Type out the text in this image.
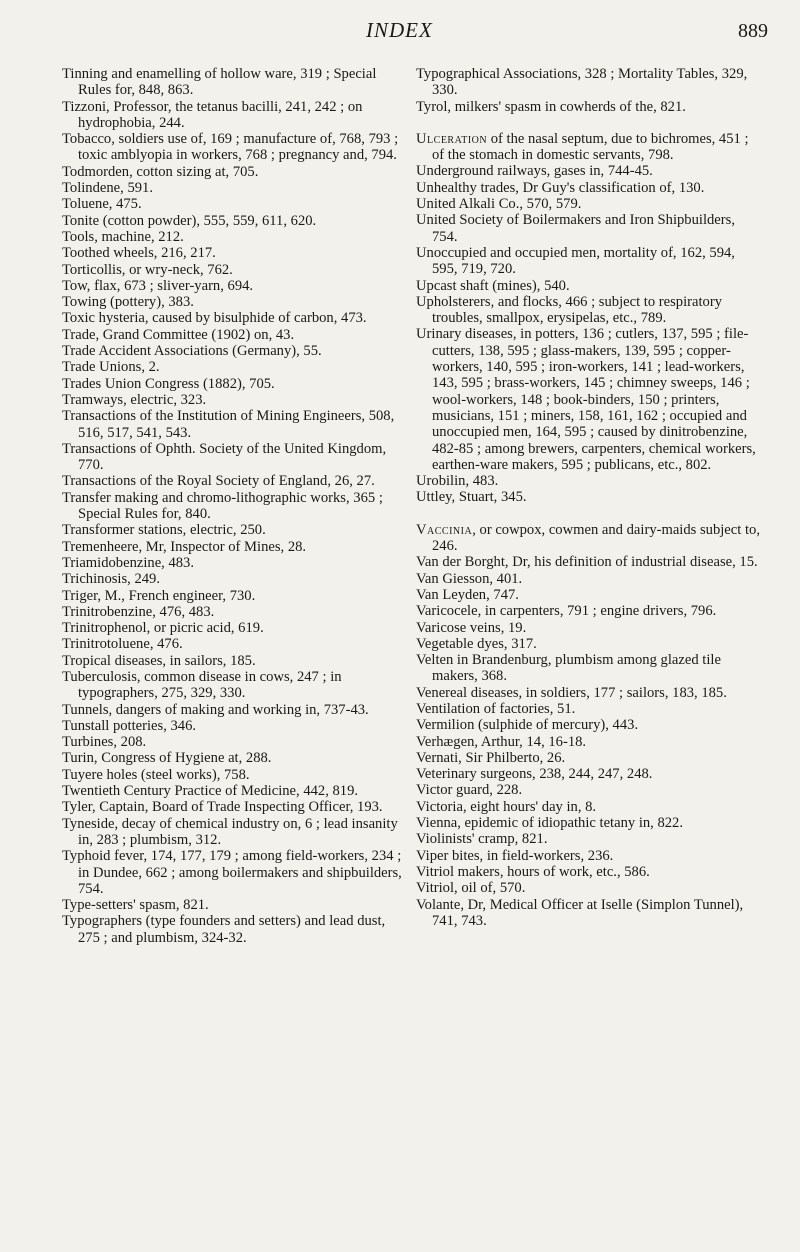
INDEX	889

Tinning and enamelling of hollow ware, 319 ; Special Rules for, 848, 863.

Tizzoni, Professor, the tetanus bacilli, 241, 242 ; on hydrophobia, 244.

Tobacco, soldiers use of, 169 ; manufacture of, 768, 793 ; toxic amblyopia in workers, 768 ; pregnancy and, 794.

Todmorden, cotton sizing at, 705.

Tolindene, 591.

Toluene, 475.

Tonite (cotton powder), 555, 559, 611, 620.

Tools, machine, 212.

Toothed wheels, 216, 217.

Torticollis, or wry-neck, 762.

Tow, flax, 673 ; sliver-yarn, 694.

Towing (pottery), 383.

Toxic hysteria, caused by bisulphide of carbon, 473.

Trade, Grand Committee (1902) on, 43.

Trade Accident Associations (Germany), 55.

Trade Unions, 2.

Trades Union Congress (1882), 705.

Tramways, electric, 323.

Transactions of the Institution of Mining Engineers, 508, 516, 517, 541, 543.

Transactions of Ophth. Society of the United Kingdom, 770.

Transactions of the Royal Society of England, 26, 27.

Transfer making and chromo-lithographic works, 365 ; Special Rules for, 840.

Transformer stations, electric, 250.

Tremenheere, Mr, Inspector of Mines, 28.

Triamidobenzine, 483.

Trichinosis, 249.

Triger, M., French engineer, 730.

Trinitrobenzine, 476, 483.

Trinitrophenol, or picric acid, 619.

Trinitrotoluene, 476.

Tropical diseases, in sailors, 185.

Tuberculosis, common disease in cows, 247 ; in typographers, 275, 329, 330.

Tunnels, dangers of making and working in, 737-43.

Tunstall potteries, 346.

Turbines, 208.

Turin, Congress of Hygiene at, 288.

Tuyere holes (steel works), 758.

Twentieth Century Practice of Medicine, 442, 819.

Tyler, Captain, Board of Trade Inspecting Officer, 193.

Tyneside, decay of chemical industry on, 6 ; lead insanity in, 283 ; plumbism, 312.

Typhoid fever, 174, 177, 179 ; among field-workers, 234 ; in Dundee, 662 ; among boilermakers and shipbuilders, 754.

Type-setters' spasm, 821.

Typographers (type founders and setters) and lead dust, 275 ; and plumbism, 324-32.

Typographical Associations, 328 ; Mortality Tables, 329, 330.

Tyrol, milkers' spasm in cowherds of the, 821.

Ulceration of the nasal septum, due to bichromes, 451 ; of the stomach in domestic servants, 798.

Underground railways, gases in, 744-45.

Unhealthy trades, Dr Guy's classification of, 130.

United Alkali Co., 570, 579.

United Society of Boilermakers and Iron Shipbuilders, 754.

Unoccupied and occupied men, mortality of, 162, 594, 595, 719, 720.

Upcast shaft (mines), 540.

Upholsterers, and flocks, 466 ; subject to respiratory troubles, smallpox, erysipelas, etc., 789.

Urinary diseases, in potters, 136 ; cutlers, 137, 595 ; file-cutters, 138, 595 ; glass-makers, 139, 595 ; copper-workers, 140, 595 ; iron-workers, 141 ; lead-workers, 143, 595 ; brass-workers, 145 ; chimney sweeps, 146 ; wool-workers, 148 ; book-binders, 150 ; printers, musicians, 151 ; miners, 158, 161, 162 ; occupied and unoccupied men, 164, 595 ; caused by dinitrobenzine, 482-85 ; among brewers, carpenters, chemical workers, earthen-ware makers, 595 ; publicans, etc., 802.

Urobilin, 483.

Uttley, Stuart, 345.

Vaccinia, or cowpox, cowmen and dairy-maids subject to, 246.

Van der Borght, Dr, his definition of industrial disease, 15.

Van Giesson, 401.

Van Leyden, 747.

Varicocele, in carpenters, 791 ; engine drivers, 796.

Varicose veins, 19.

Vegetable dyes, 317.

Velten in Brandenburg, plumbism among glazed tile makers, 368.

Venereal diseases, in soldiers, 177 ; sailors, 183, 185.

Ventilation of factories, 51.

Vermilion (sulphide of mercury), 443.

Verhægen, Arthur, 14, 16-18.

Vernati, Sir Philberto, 26.

Veterinary surgeons, 238, 244, 247, 248.

Victor guard, 228.

Victoria, eight hours' day in, 8.

Vienna, epidemic of idiopathic tetany in, 822.

Violinists' cramp, 821.

Viper bites, in field-workers, 236.

Vitriol makers, hours of work, etc., 586.

Vitriol, oil of, 570.

Volante, Dr, Medical Officer at Iselle (Simplon Tunnel), 741, 743.
